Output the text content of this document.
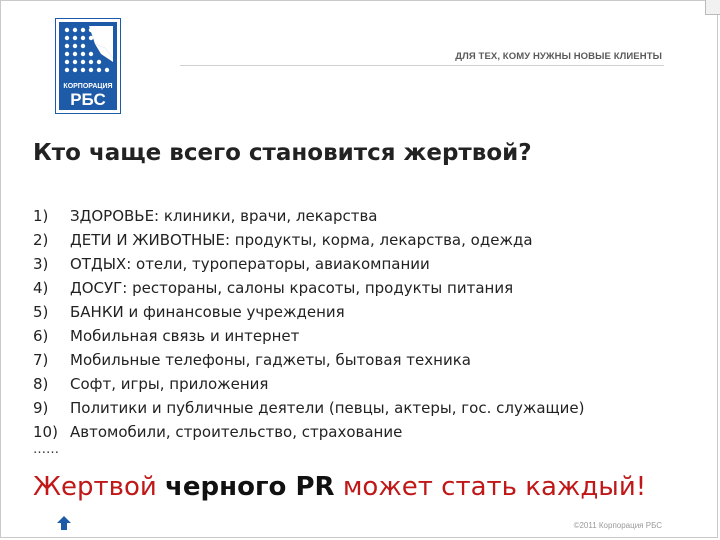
КОРПОРАЦИЯ
РБС
ДЛЯ ТЕХ, КОМУ НУЖНЫ НОВЫЕ КЛИЕНТЫ
Кто чаще всего становится жертвой?
1)	ЗДОРОВЬЕ: клиники, врачи, лекарства
2)	ДЕТИ И ЖИВОТНЫЕ: продукты, корма, лекарства, одежда
3)	ОТДЫХ: отели, туроператоры, авиакомпании
4)	ДОСУГ: рестораны, салоны красоты, продукты питания
5)	БАНКИ и финансовые учреждения
6)	Мобильная связь и интернет
7)	Мобильные телефоны, гаджеты, бытовая техника
8)	Софт, игры, приложения
9)	Политики и публичные деятели (певцы, актеры, гос. служащие)
10) Автомобили, строительство, страхование
……
Жертвой черного PR может стать каждый!
©2011 Корпорация РБС
